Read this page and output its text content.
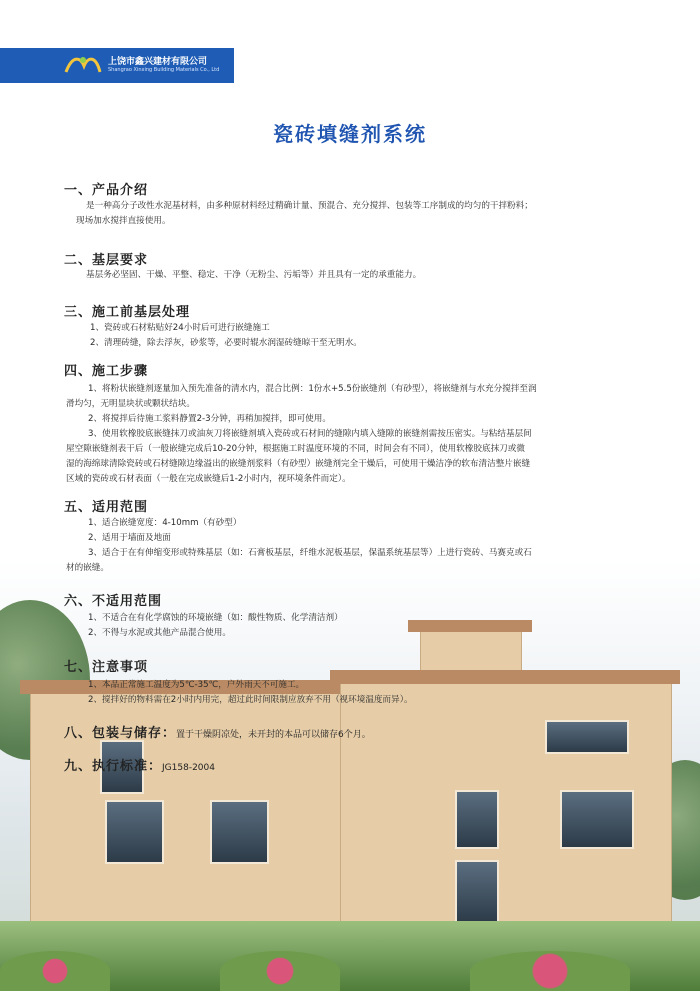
上饶市鑫兴建材有限公司
Shangrao Xinxing Building Materials Co., Ltd
瓷砖填缝剂系统
一、产品介绍
是一种高分子改性水泥基材料，由多种原材料经过精确计量、预混合、充分搅拌、包装等工序制成的均匀的干拌粉料；
现场加水搅拌直接使用。
二、基层要求
基层务必坚固、干燥、平整、稳定、干净（无粉尘、污垢等）并且具有一定的承重能力。
三、施工前基层处理
1、瓷砖或石材粘贴好24小时后可进行嵌缝施工
2、清理砖缝，除去浮灰，砂浆等，必要时辊水润湿砖缝晾干至无明水。
四、施工步骤
1、将粉状嵌缝剂逐量加入预先准备的清水内，混合比例：1份水+5.5份嵌缝剂（有砂型），将嵌缝剂与水充分搅拌至润
滑均匀，无明显块状或颗状结块。
2、将搅拌后待施工浆料静置2-3分钟，再稍加搅拌，即可使用。
3、使用软橡胶底嵌缝抹刀或油灰刀将嵌缝剂填入瓷砖或石材间的缝隙内填入缝隙的嵌缝剂需按压密实。与粘结基层间
屋空隙嵌缝剂表干后（一般嵌缝完成后10-20分钟，根据施工时温度环境的不同，时间会有不同），使用软橡胶底抹刀或微
湿的海绵球清除瓷砖或石材缝隙边缘溢出的嵌缝剂浆料（有砂型）嵌缝剂完全干燥后，可使用干燥洁净的软布清洁整片嵌缝
区域的瓷砖或石材表面（一般在完成嵌缝后1-2小时内，视环境条件而定）。
五、适用范围
1、适合嵌缝宽度：4-10mm（有砂型）
2、适用于墙面及地面
3、适合于在有伸缩变形或特殊基层（如：石膏板基层，纤维水泥板基层，保温系统基层等）上进行瓷砖、马赛克或石
材的嵌缝。
六、不适用范围
1、不适合在有化学腐蚀的环境嵌缝（如：酸性物质、化学清洁剂）
2、不得与水泥或其他产品混合使用。
七、注意事项
1、本品正常施工温度为5℃-35℃，户外雨天不可施工。
2、搅拌好的物料需在2小时内用完，超过此时间限制应放弃不用（视环境温度而异）。
八、包装与储存：置于干燥阴凉处，未开封的本品可以储存6个月。
九、执行标准：JG158-2004
